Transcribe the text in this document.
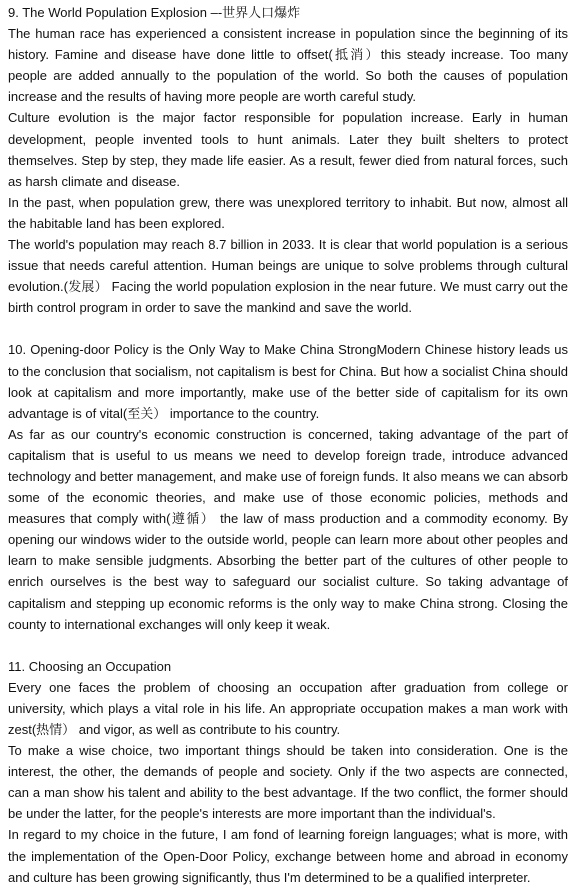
9. The World Population Explosion –-世界人口爆炸

The human race has experienced a consistent increase in population since the beginning of its history. Famine and disease have done little to offset(抵消）this steady increase. Too many people are added annually to the population of the world. So both the causes of population increase and the results of having more people are worth careful study.

Culture evolution is the major factor responsible for population increase. Early in human development, people invented tools to hunt animals. Later they built shelters to protect themselves. Step by step, they made life easier. As a result, fewer died from natural forces, such as harsh climate and disease.

In the past, when population grew, there was unexplored territory to inhabit. But now, almost all the habitable land has been explored.

The world's population may reach 8.7 billion in 2033. It is clear that world population is a serious issue that needs careful attention. Human beings are unique to solve problems through cultural evolution.(发展） Facing the world population explosion in the near future. We must carry out the birth control program in order to save the mankind and save the world.

10. Opening-door Policy is the Only Way to Make China StrongModern Chinese history leads us to the conclusion that socialism, not capitalism is best for China. But how a socialist China should look at capitalism and more importantly, make use of the better side of capitalism for its own advantage is of vital(至关） importance to the country.

As far as our country's economic construction is concerned, taking advantage of the part of capitalism that is useful to us means we need to develop foreign trade, introduce advanced technology and better management, and make use of foreign funds. It also means we can absorb some of the economic theories, and make use of those economic policies, methods and measures that comply with(遵循） the law of mass production and a commodity economy. By opening our windows wider to the outside world, people can learn more about other peoples and learn to make sensible judgments. Absorbing the better part of the cultures of other people to enrich ourselves is the best way to safeguard our socialist culture. So taking advantage of capitalism and stepping up economic reforms is the only way to make China strong. Closing the county to international exchanges will only keep it weak.

11. Choosing an Occupation

Every one faces the problem of choosing an occupation after graduation from college or university, which plays a vital role in his life. An appropriate occupation makes a man work with zest(热情） and vigor, as well as contribute to his country.

To make a wise choice, two important things should be taken into consideration. One is the interest, the other, the demands of people and society. Only if the two aspects are connected, can a man show his talent and ability to the best advantage. If the two conflict, the former should be under the latter, for the people's interests are more important than the individual's.

In regard to my choice in the future, I am fond of learning foreign languages; what is more, with the implementation of the Open-Door Policy, exchange between home and abroad in economy and culture has been growing significantly, thus I'm determined to be a qualified interpreter.
